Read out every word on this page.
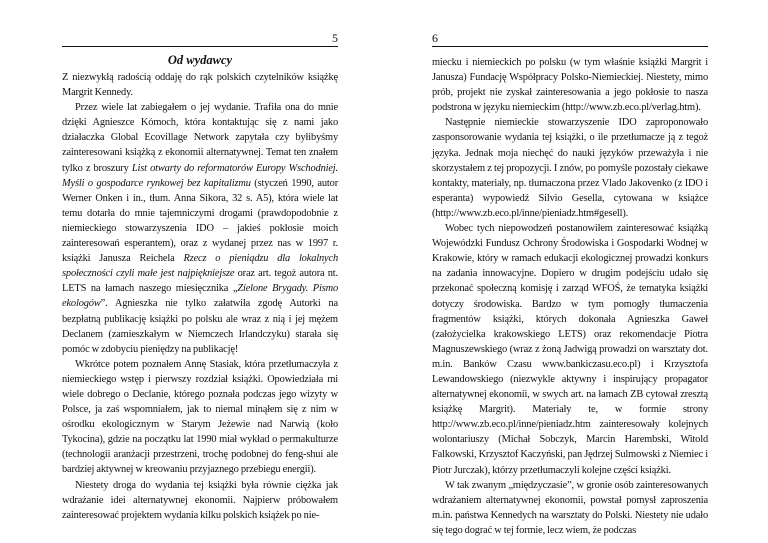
5
Od wydawcy

Z niezwykłą radością oddaję do rąk polskich czytelników książkę Margrit Kennedy.

Przez wiele lat zabiegałem o jej wydanie. Trafiła ona do mnie dzięki Agnieszce Kómoch, która kontaktując się z nami jako działaczka Global Ecovillage Network zapytała czy byłibyśmy zainteresowani książką z ekonomii alternatywnej. Temat ten znałem tylko z broszury List otwarty do reformatorów Europy Wschodniej. Myśli o gospodarce rynkowej bez kapitalizmu (styczeń 1990, autor Werner Onken i in., tłum. Anna Sikora, 32 s. A5), która wiele lat temu dotarła do mnie tajemniczymi drogami (prawdopodobnie z niemieckiego stowarzyszenia IDO – jakieś pokłosie moich zainteresowań esperantem), oraz z wydanej przez nas w 1997 r. książki Janusza Reichela Rzecz o pieniądzu dla lokalnych społeczności czyli małe jest najpiękniejsze oraz art. tegoż autora nt. LETS na łamach naszego miesięcznika „Zielone Brygady. Pismo ekologów”. Agnieszka nie tylko załatwiła zgodę Autorki na bezpłatną publikację książki po polsku ale wraz z nią i jej mężem Declanem (zamieszkałym w Niemczech Irlandczyku) starała się pomóc w zdobyciu pieniędzy na publikację!

Wkrótce potem poznałem Annę Stasiak, która przetłumaczyła z niemieckiego wstęp i pierwszy rozdział książki. Opowiedziała mi wiele dobrego o Declanie, którego poznała podczas jego wizyty w Polsce, ja zaś wspomniałem, jak to niemal minąłem się z nim w ośrodku ekologicznym w Starym Jeżewie nad Narwią (koło Tykocina), gdzie na początku lat 1990 miał wykład o permakulturze (technologii aranżacji przestrzeni, trochę podobnej do feng-shui ale bardziej aktywnej w kreowaniu przyjaznego przebiegu energii).

Niestety droga do wydania tej książki była równie ciężka jak wdrażanie idei alternatywnej ekonomii. Najpierw próbowałem zainteresować projektem wydania kilku polskich książek po nie-

6

miecku i niemieckich po polsku (w tym właśnie książki Margrit i Janusza) Fundację Współpracy Polsko-Niemieckiej. Niestety, mimo prób, projekt nie zyskał zainteresowania a jego pokłosie to nasza podstrona w języku niemieckim (http://www.zb.eco.pl/verlag.htm).

Następnie niemieckie stowarzyszenie IDO zaproponowało zasponsorowanie wydania tej książki, o ile przetłumacze ją z tegoż języka. Jednak moja niechęć do nauki języków przeważyła i nie skorzystałem z tej propozycji. I znów, po pomyśle pozostały ciekawe kontakty, materiały, np. tłumaczona przez Vlado Jakovenko (z IDO i esperanta) wypowiedź Silvio Gesella, cytowana w książce (http://www.zb.eco.pl/inne/pieniadz.htm#gesell).

Wobec tych niepowodzeń postanowiłem zainteresować książką Wojewódzki Fundusz Ochrony Środowiska i Gospodarki Wodnej w Krakowie, który w ramach edukacji ekologicznej prowadzi konkurs na zadania innowacyjne. Dopiero w drugim podejściu udało się przekonać społeczną komisję i zarząd WFOŚ, że tematyka książki dotyczy środowiska. Bardzo w tym pomogły tłumaczenia fragmentów książki, których dokonała Agnieszka Gaweł (założycielka krakowskiego LETS) oraz rekomendacje Piotra Magnuszewskiego (wraz z żoną Jadwigą prowadzi on warsztaty dot. m.in. Banków Czasu www.bankiczasu.eco.pl) i Krzysztofa Lewandowskiego (niezwykle aktywny i inspirujący propagator alternatywnej ekonomii, w swych art. na łamach ZB cytował zresztą książkę Margrit). Materiały te, w formie strony http://www.zb.eco.pl/inne/pieniadz.htm zainteresowały kolejnych wolontariuszy (Michał Sobczyk, Marcin Harembski, Witold Falkowski, Krzysztof Kaczyński, pan Jędrzej Sulmowski z Niemiec i Piotr Jurczak), którzy przetłumaczyli kolejne części książki.

W tak zwanym „międzyczasie”, w gronie osób zainteresowanych wdrażaniem alternatywnej ekonomii, powstał pomysł zaproszenia m.in. państwa Kennedych na warsztaty do Polski. Niestety nie udało się tego dograć w tej formie, lecz wiem, że podczas
